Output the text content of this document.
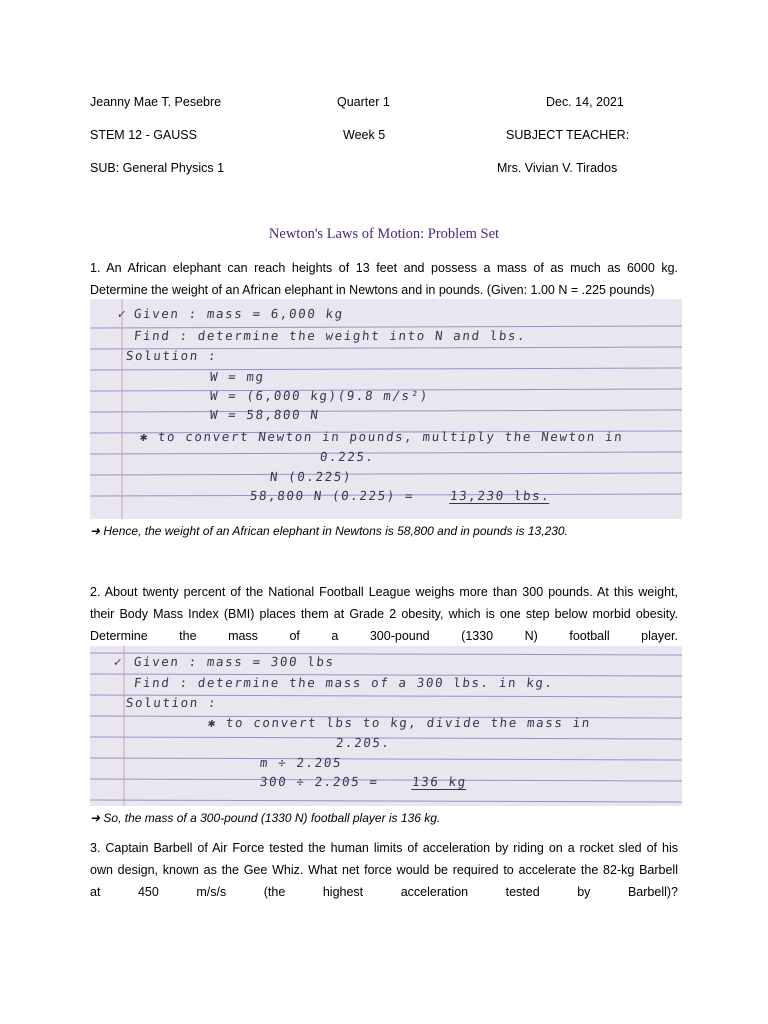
Jeanny Mae T. Pesebre	Quarter 1	Dec. 14, 2021
STEM 12 - GAUSS	Week 5	SUBJECT TEACHER:
SUB: General Physics 1	Mrs. Vivian V. Tirados
Newton's Laws of Motion: Problem Set
1. An African elephant can reach heights of 13 feet and possess a mass of as much as 6000 kg.
Determine the weight of an African elephant in Newtons and in pounds. (Given: 1.00 N = .225 pounds)
✓ Given : mass = 6,000 kg
Find : determine the weight into N and lbs.
Solution :
W = mg
W = (6,000 kg)(9.8 m/s²)
W = 58,800 N
✱ to convert Newton in pounds, multiply the Newton in
0.225.
N (0.225)
58,800 N (0.225) =	13,230 lbs.
➜ Hence, the weight of an African elephant in Newtons is 58,800 and in pounds is 13,230.
2. About twenty percent of the National Football League weighs more than 300 pounds. At this weight,
their Body Mass Index (BMI) places them at Grade 2 obesity, which is one step below morbid obesity.
Determine the mass of a 300-pound (1330 N) football player.
✓ Given : mass = 300 lbs
Find : determine the mass of a 300 lbs. in kg.
Solution :
✱ to convert lbs to kg, divide the mass in
2.205.
m ÷ 2.205
300 ÷ 2.205 =	136 kg
➜ So, the mass of a 300-pound (1330 N) football player is 136 kg.
3. Captain Barbell of Air Force tested the human limits of acceleration by riding on a rocket sled of his
own design, known as the Gee Whiz. What net force would be required to accelerate the 82-kg Barbell
at 450 m/s/s (the highest acceleration tested by Barbell)?
